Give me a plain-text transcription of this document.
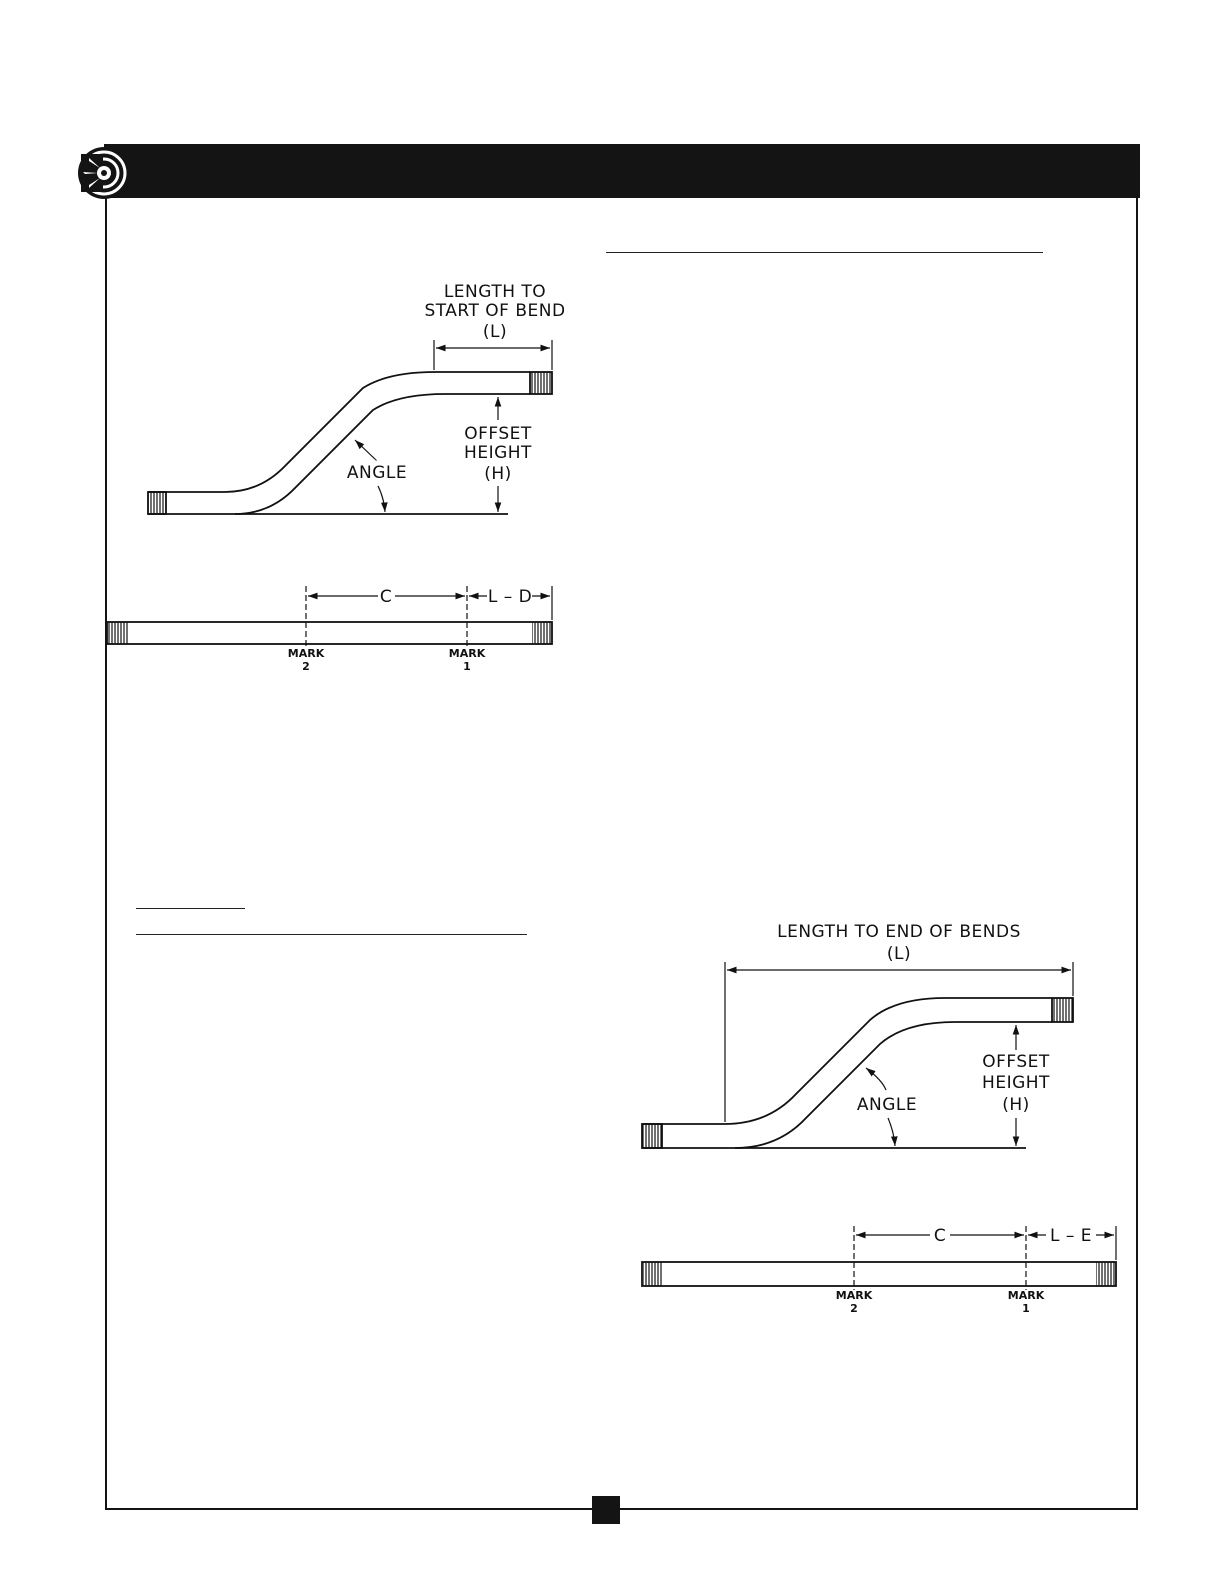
LENGTH TO
START OF BEND
(L)
OFFSET
HEIGHT
(H)
ANGLE
C	L – D
MARK
2
MARK
1
LENGTH TO END OF BENDS
(L)
OFFSET
HEIGHT
(H)
ANGLE
C	L – E
MARK
2
MARK
1
